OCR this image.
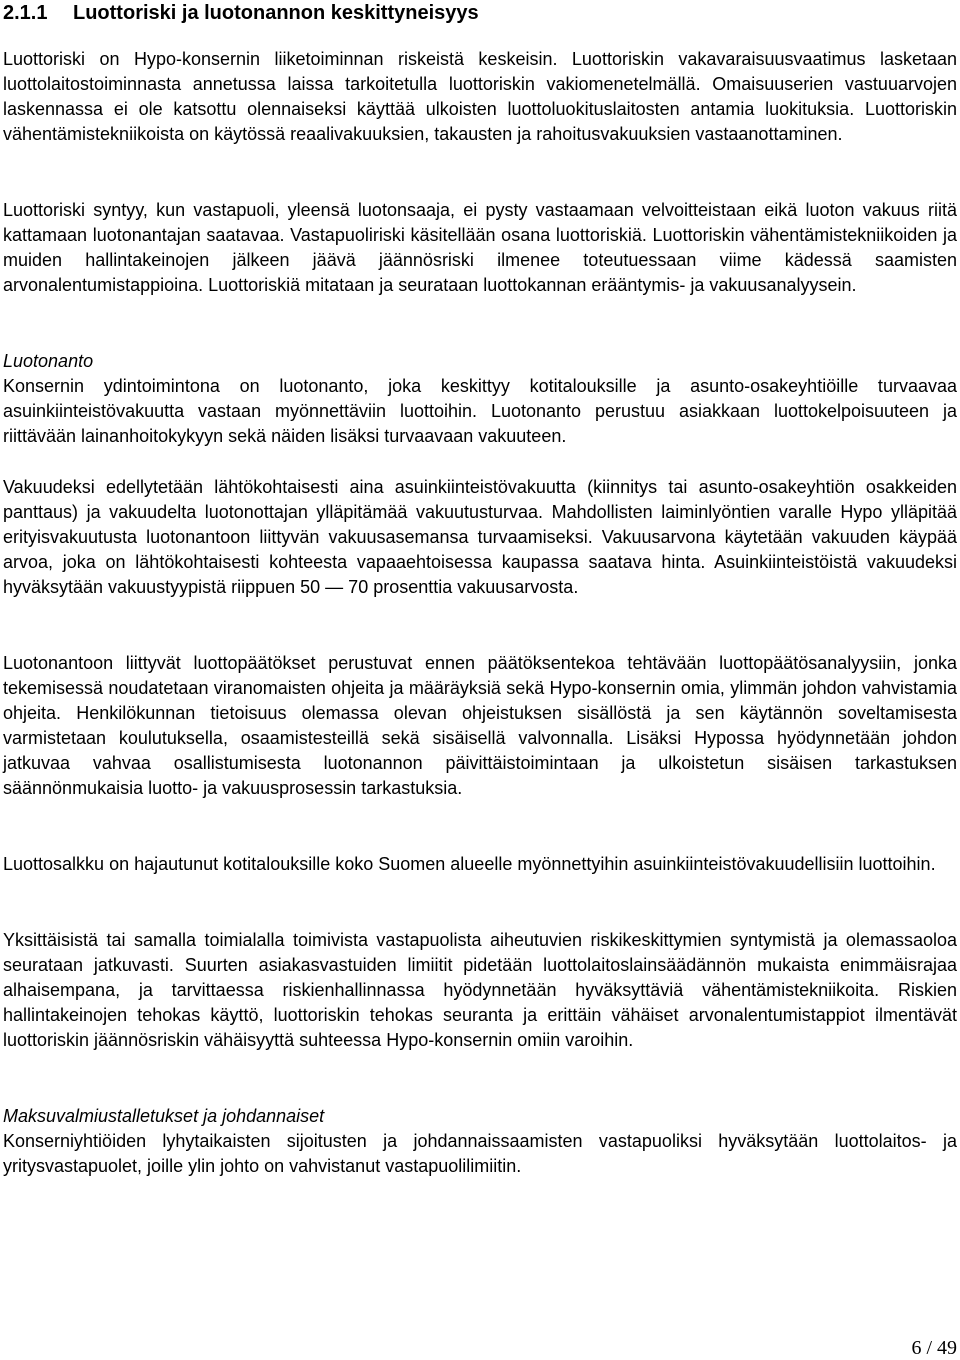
2.1.1 Luottoriski ja luotonannon keskittyneisyys

Luottoriski on Hypo-konsernin liiketoiminnan riskeistä keskeisin. Luottoriskin vakavaraisuusvaatimus lasketaan luottolaitostoiminnasta annetussa laissa tarkoitetulla luottoriskin vakiomenetelmällä. Omaisuuserien vastuuarvojen laskennassa ei ole katsottu olennaiseksi käyttää ulkoisten luottoluokituslaitosten antamia luokituksia. Luottoriskin vähentämistekniikoista on käytössä reaalivakuuksien, takausten ja rahoitusvakuuksien vastaanottaminen.

Luottoriski syntyy, kun vastapuoli, yleensä luotonsaaja, ei pysty vastaamaan velvoitteistaan eikä luoton vakuus riitä kattamaan luotonantajan saatavaa. Vastapuoliriski käsitellään osana luottoriskiä. Luottoriskin vähentämistekniikoiden ja muiden hallintakeinojen jälkeen jäävä jäännösriski ilmenee toteutuessaan viime kädessä saamisten arvonalentumistappioina. Luottoriskiä mitataan ja seurataan luottokannan erääntymis- ja vakuusanalyysein.

Luotonanto
Konsernin ydintoimintona on luotonanto, joka keskittyy kotitalouksille ja asunto-osakeyhtiöille turvaavaa asuinkiinteistövakuutta vastaan myönnettäviin luottoihin. Luotonanto perustuu asiakkaan luottokelpoisuuteen ja riittävään lainanhoitokykyyn sekä näiden lisäksi turvaavaan vakuuteen.

Vakuudeksi edellytetään lähtökohtaisesti aina asuinkiinteistövakuutta (kiinnitys tai asunto-osakeyhtiön osakkeiden panttaus) ja vakuudelta luotonottajan ylläpitämää vakuutusturvaa. Mahdollisten laiminlyöntien varalle Hypo ylläpitää erityisvakuutusta luotonantoon liittyvän vakuusasemansa turvaamiseksi. Vakuusarvona käytetään vakuuden käypää arvoa, joka on lähtökohtaisesti kohteesta vapaaehtoisessa kaupassa saatava hinta. Asuinkiinteistöistä vakuudeksi hyväksytään vakuustyypistä riippuen 50 — 70 prosenttia vakuusarvosta.

Luotonantoon liittyvät luottopäätökset perustuvat ennen päätöksentekoa tehtävään luottopäätösanalyysiin, jonka tekemisessä noudatetaan viranomaisten ohjeita ja määräyksiä sekä Hypo-konsernin omia, ylimmän johdon vahvistamia ohjeita. Henkilökunnan tietoisuus olemassa olevan ohjeistuksen sisällöstä ja sen käytännön soveltamisesta varmistetaan koulutuksella, osaamistesteillä sekä sisäisellä valvonnalla. Lisäksi Hypossa hyödynnetään johdon jatkuvaa vahvaa osallistumisesta luotonannon päivittäistoimintaan ja ulkoistetun sisäisen tarkastuksen säännönmukaisia luotto- ja vakuusprosessin tarkastuksia.

Luottosalkku on hajautunut kotitalouksille koko Suomen alueelle myönnettyihin asuinkiinteistövakuudellisiin luottoihin.

Yksittäisistä tai samalla toimialalla toimivista vastapuolista aiheutuvien riskikeskittymien syntymistä ja olemassaoloa seurataan jatkuvasti. Suurten asiakasvastuiden limiitit pidetään luottolaitoslainsäädännön mukaista enimmäisrajaa alhaisempana, ja tarvittaessa riskienhallinnassa hyödynnetään hyväksyttäviä vähentämistekniikoita. Riskien hallintakeinojen tehokas käyttö, luottoriskin tehokas seuranta ja erittäin vähäiset arvonalentumistappiot ilmentävät luottoriskin jäännösriskin vähäisyyttä suhteessa Hypo-konsernin omiin varoihin.

Maksuvalmiustalletukset ja johdannaiset
Konserniyhtiöiden lyhytaikaisten sijoitusten ja johdannaissaamisten vastapuoliksi hyväksytään luottolaitos- ja yritysvastapuolet, joille ylin johto on vahvistanut vastapuolilimiitin.
6 / 49
